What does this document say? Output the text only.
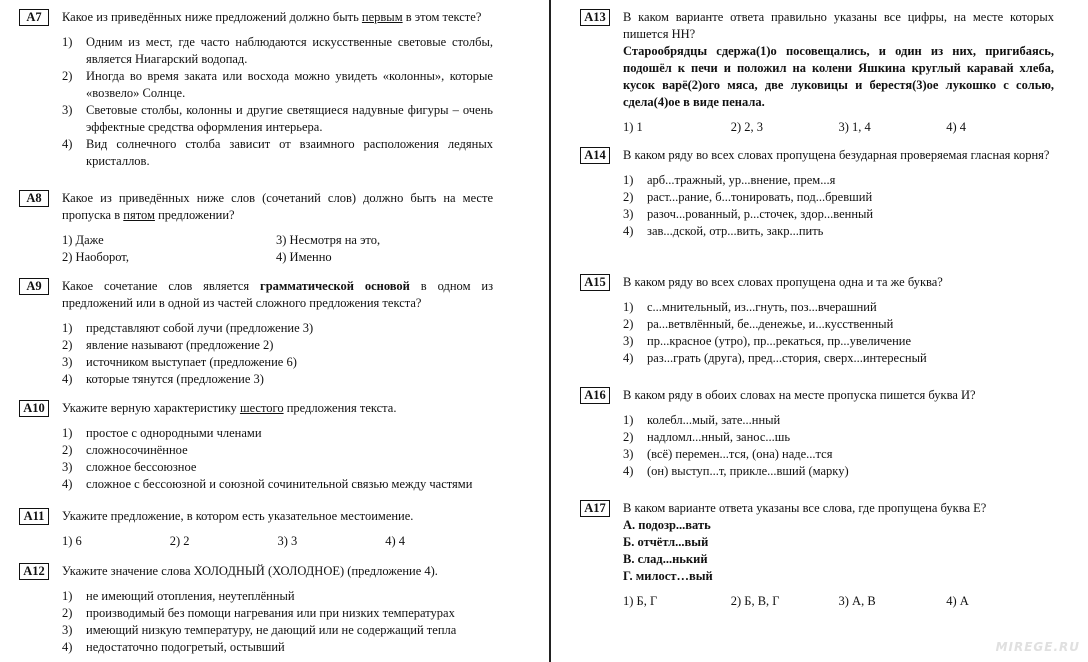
А7	Какое из приведённых ниже предложений должно быть первым в этом тексте?
1)	Одним из мест, где часто наблюдаются искусственные световые столбы, является Ниагарский водопад.
2)	Иногда во время заката или восхода можно увидеть «колонны», которые «возвело» Солнце.
3)	Световые столбы, колонны и другие светящиеся надувные фигуры – очень эффектные средства оформления интерьера.
4)	Вид солнечного столба зависит от взаимного расположения ледяных кристаллов.
А8	Какое из приведённых ниже слов (сочетаний слов) должно быть на месте пропуска в пятом предложении?
1) Даже	3) Несмотря на это,
2) Наоборот,	4) Именно
А9	Какое сочетание слов является грамматической основой в одном из предложений или в одной из частей сложного предложения текста?
1)	представляют собой лучи (предложение 3)
2)	явление называют (предложение 2)
3)	источником выступает (предложение 6)
4)	которые тянутся (предложение 3)
А10	Укажите верную характеристику шестого предложения текста.
1)	простое с однородными членами
2)	сложносочинённое
3)	сложное бессоюзное
4)	сложное с бессоюзной и союзной сочинительной связью между частями
А11	Укажите предложение, в котором есть указательное местоимение.
1) 6	2) 2	3) 3	4) 4
А12	Укажите значение слова ХОЛОДНЫЙ (ХОЛОДНОЕ) (предложение 4).
1)	не имеющий отопления, неутеплённый
2)	производимый без помощи нагревания или при низких температурах
3)	имеющий низкую температуру, не дающий или не содержащий тепла
4)	недостаточно подогретый, остывший
А13	В каком варианте ответа правильно указаны все цифры, на месте которых пишется НН?
Старообрядцы сдержа(1)о посовещались, и один из них, пригибаясь, подошёл к печи и положил на колени Яшкина круглый каравай хлеба, кусок варё(2)ого мяса, две луковицы и берестя(3)ое лукошко с солью, сдела(4)ое в виде пенала.
1) 1	2) 2, 3	3) 1, 4	4) 4
А14	В каком ряду во всех словах пропущена безударная проверяемая гласная корня?
1)	арб...тражный, ур...внение, прем...я
2)	раст...рание, б...тонировать, под...бревший
3)	разоч...рованный, р...сточек, здор...венный
4)	зав...дской, отр...вить, закр...пить
А15	В каком ряду во всех словах пропущена одна и та же буква?
1)	с...мнительный, из...гнуть, поз...вчерашний
2)	ра...ветвлённый, бе...денежье, и...кусственный
3)	пр...красное (утро), пр...рекаться, пр...увеличение
4)	раз...грать (друга), пред...стория, сверх...интересный
А16	В каком ряду в обоих словах на месте пропуска пишется буква И?
1)	колебл...мый, зате...нный
2)	надломл...нный, занос...шь
3)	(всё) перемен...тся, (она) наде...тся
4)	(он) выступ...т, прикле...вший (марку)
А17	В каком варианте ответа указаны все слова, где пропущена буква Е?
А. подозр...вать
Б. отчётл...вый
В. слад...нький
Г. милост…вый
1) Б, Г	2) Б, В, Г	3) А, В	4) А
MIREGE.RU
